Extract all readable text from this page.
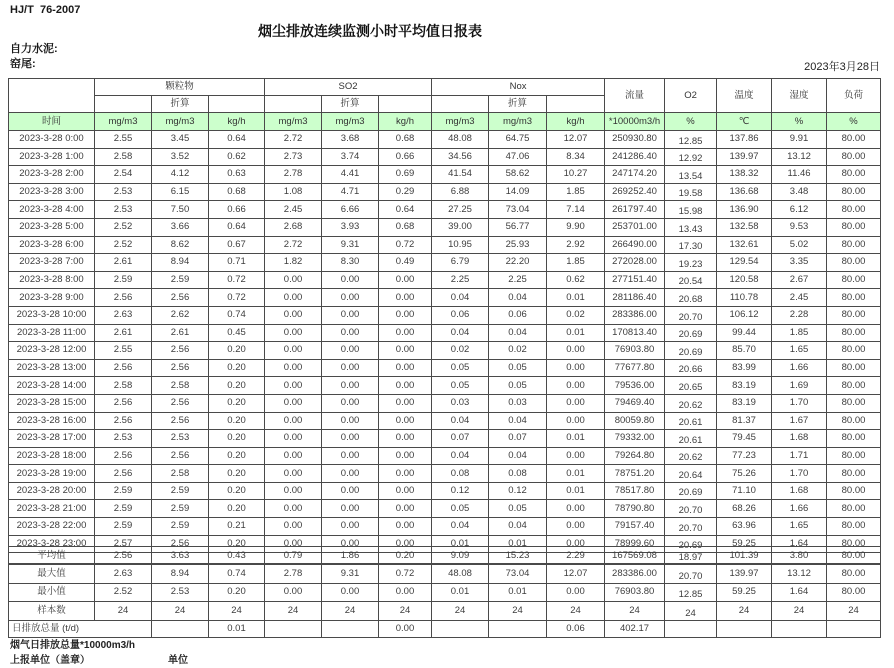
HJ/T  76-2007
烟尘排放连续监测小时平均值日报表
自力水泥:
窑尾:	2023年3月28日
	颗粒物			SO2			Nox			流量	O2	温度	湿度	负荷
		折算			折算			折算						
时间	mg/m3	mg/m3	kg/h	mg/m3	mg/m3	kg/h	mg/m3	mg/m3	kg/h	*10000m3/h	%	℃	%	%
2023-3-28 0:00	2.55	3.45	0.64	2.72	3.68	0.68	48.08	64.75	12.07	250930.80	12.85	137.86	9.91	80.00
2023-3-28 1:00	2.58	3.52	0.62	2.73	3.74	0.66	34.56	47.06	8.34	241286.40	12.92	139.97	13.12	80.00
2023-3-28 2:00	2.54	4.12	0.63	2.78	4.41	0.69	41.54	58.62	10.27	247174.20	13.54	138.32	11.46	80.00
2023-3-28 3:00	2.53	6.15	0.68	1.08	4.71	0.29	6.88	14.09	1.85	269252.40	19.58	136.68	3.48	80.00
2023-3-28 4:00	2.53	7.50	0.66	2.45	6.66	0.64	27.25	73.04	7.14	261797.40	15.98	136.90	6.12	80.00
2023-3-28 5:00	2.52	3.66	0.64	2.68	3.93	0.68	39.00	56.77	9.90	253701.00	13.43	132.58	9.53	80.00
2023-3-28 6:00	2.52	8.62	0.67	2.72	9.31	0.72	10.95	25.93	2.92	266490.00	17.30	132.61	5.02	80.00
2023-3-28 7:00	2.61	8.94	0.71	1.82	8.30	0.49	6.79	22.20	1.85	272028.00	19.23	129.54	3.35	80.00
2023-3-28 8:00	2.59	2.59	0.72	0.00	0.00	0.00	2.25	2.25	0.62	277151.40	20.54	120.58	2.67	80.00
2023-3-28 9:00	2.56	2.56	0.72	0.00	0.00	0.00	0.04	0.04	0.01	281186.40	20.68	110.78	2.45	80.00
2023-3-28 10:00	2.63	2.62	0.74	0.00	0.00	0.00	0.06	0.06	0.02	283386.00	20.70	106.12	2.28	80.00
2023-3-28 11:00	2.61	2.61	0.45	0.00	0.00	0.00	0.04	0.04	0.01	170813.40	20.69	99.44	1.85	80.00
2023-3-28 12:00	2.55	2.56	0.20	0.00	0.00	0.00	0.02	0.02	0.00	76903.80	20.69	85.70	1.65	80.00
2023-3-28 13:00	2.56	2.56	0.20	0.00	0.00	0.00	0.05	0.05	0.00	77677.80	20.66	83.99	1.66	80.00
2023-3-28 14:00	2.58	2.58	0.20	0.00	0.00	0.00	0.05	0.05	0.00	79536.00	20.65	83.19	1.69	80.00
2023-3-28 15:00	2.56	2.56	0.20	0.00	0.00	0.00	0.03	0.03	0.00	79469.40	20.62	83.19	1.70	80.00
2023-3-28 16:00	2.56	2.56	0.20	0.00	0.00	0.00	0.04	0.04	0.00	80059.80	20.61	81.37	1.67	80.00
2023-3-28 17:00	2.53	2.53	0.20	0.00	0.00	0.00	0.07	0.07	0.01	79332.00	20.61	79.45	1.68	80.00
2023-3-28 18:00	2.56	2.56	0.20	0.00	0.00	0.00	0.04	0.04	0.00	79264.80	20.62	77.23	1.71	80.00
2023-3-28 19:00	2.56	2.58	0.20	0.00	0.00	0.00	0.08	0.08	0.01	78751.20	20.64	75.26	1.70	80.00
2023-3-28 20:00	2.59	2.59	0.20	0.00	0.00	0.00	0.12	0.12	0.01	78517.80	20.69	71.10	1.68	80.00
2023-3-28 21:00	2.59	2.59	0.20	0.00	0.00	0.00	0.05	0.05	0.00	78790.80	20.70	68.26	1.66	80.00
2023-3-28 22:00	2.59	2.59	0.21	0.00	0.00	0.00	0.04	0.04	0.00	79157.40	20.70	63.96	1.65	80.00
2023-3-28 23:00	2.57	2.56	0.20	0.00	0.00	0.00	0.01	0.01	0.00	78999.60	20.69	59.25	1.64	80.00

平均值	2.56	3.63	0.43	0.79	1.86	0.20	9.09	15.23	2.29	167569.08	18.97	101.39	3.80	80.00
最大值	2.63	8.94	0.74	2.78	9.31	0.72	48.08	73.04	12.07	283386.00	20.70	139.97	13.12	80.00
最小值	2.52	2.53	0.20	0.00	0.00	0.00	0.01	0.01	0.00	76903.80	12.85	59.25	1.64	80.00
样本数	24	24	24	24	24	24	24	24	24	24	24	24	24	24
日排放总量 (t/d)			0.01			0.00			0.06	402.17				
烟气日排放总量*10000m3/h
上报单位（盖章）	单位
